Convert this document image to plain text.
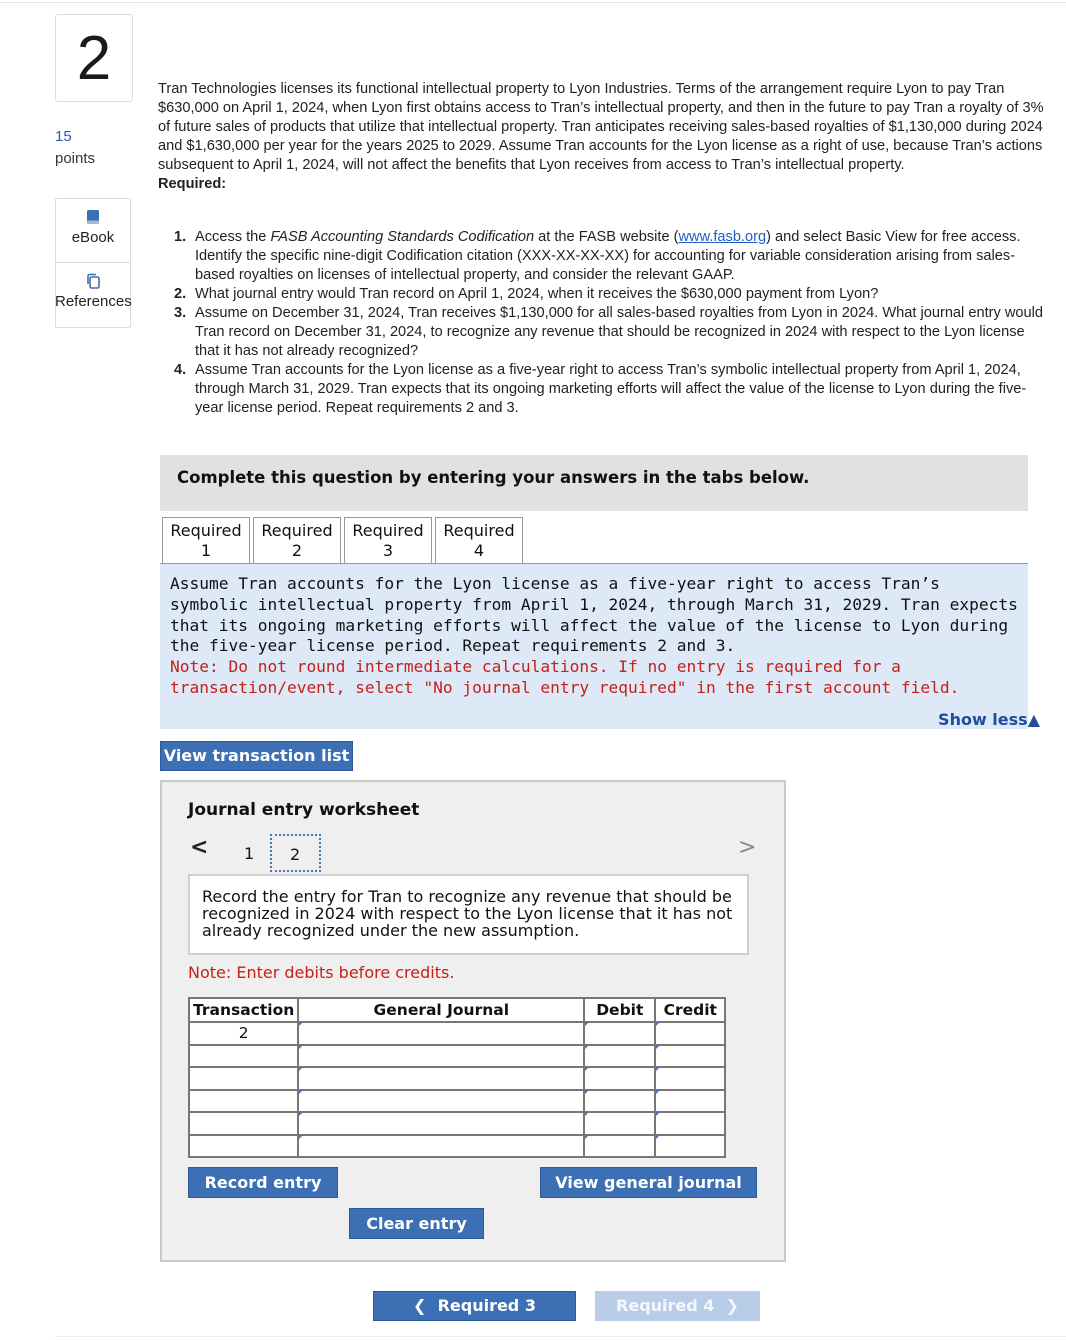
2
15
points
eBook
References

Tran Technologies licenses its functional intellectual property to Lyon Industries. Terms of the arrangement require Lyon to pay Tran $630,000 on April 1, 2024, when Lyon first obtains access to Tran’s intellectual property, and then in the future to pay Tran a royalty of 3% of future sales of products that utilize that intellectual property. Tran anticipates receiving sales-based royalties of $1,130,000 during 2024 and $1,630,000 per year for the years 2025 to 2029. Assume Tran accounts for the Lyon license as a right of use, because Tran’s actions subsequent to April 1, 2024, will not affect the benefits that Lyon receives from access to Tran’s intellectual property.

Required:

1. Access the FASB Accounting Standards Codification at the FASB website (www.fasb.org) and select Basic View for free access. Identify the specific nine-digit Codification citation (XXX-XX-XX-XX) for accounting for variable consideration arising from sales-based royalties on licenses of intellectual property, and consider the relevant GAAP.
2. What journal entry would Tran record on April 1, 2024, when it receives the $630,000 payment from Lyon?
3. Assume on December 31, 2024, Tran receives $1,130,000 for all sales-based royalties from Lyon in 2024. What journal entry would Tran record on December 31, 2024, to recognize any revenue that should be recognized in 2024 with respect to the Lyon license that it has not already recognized?
4. Assume Tran accounts for the Lyon license as a five-year right to access Tran’s symbolic intellectual property from April 1, 2024, through March 31, 2029. Tran expects that its ongoing marketing efforts will affect the value of the license to Lyon during the five-year license period. Repeat requirements 2 and 3.
Complete this question by entering your answers in the tabs below.
Required
1
Required
2
Required
3
Required
4
Assume Tran accounts for the Lyon license as a five-year right to access Tran’s symbolic intellectual property from April 1, 2024, through March 31, 2029. Tran expects that its ongoing marketing efforts will affect the value of the license to Lyon during the five-year license period. Repeat requirements 2 and 3.
Note: Do not round intermediate calculations. If no entry is required for a transaction/event, select "No journal entry required" in the first account field.
Show less▲
View transaction list
Journal entry worksheet
< 1	2	>
Record the entry for Tran to recognize any revenue that should be recognized in 2024 with respect to the Lyon license that it has not already recognized under the new assumption.
Note: Enter debits before credits.
Transaction	General Journal	Debit	Credit
2			

Record entry	View general journal
Clear entry
❮  Required 3	Required 4  ❯
